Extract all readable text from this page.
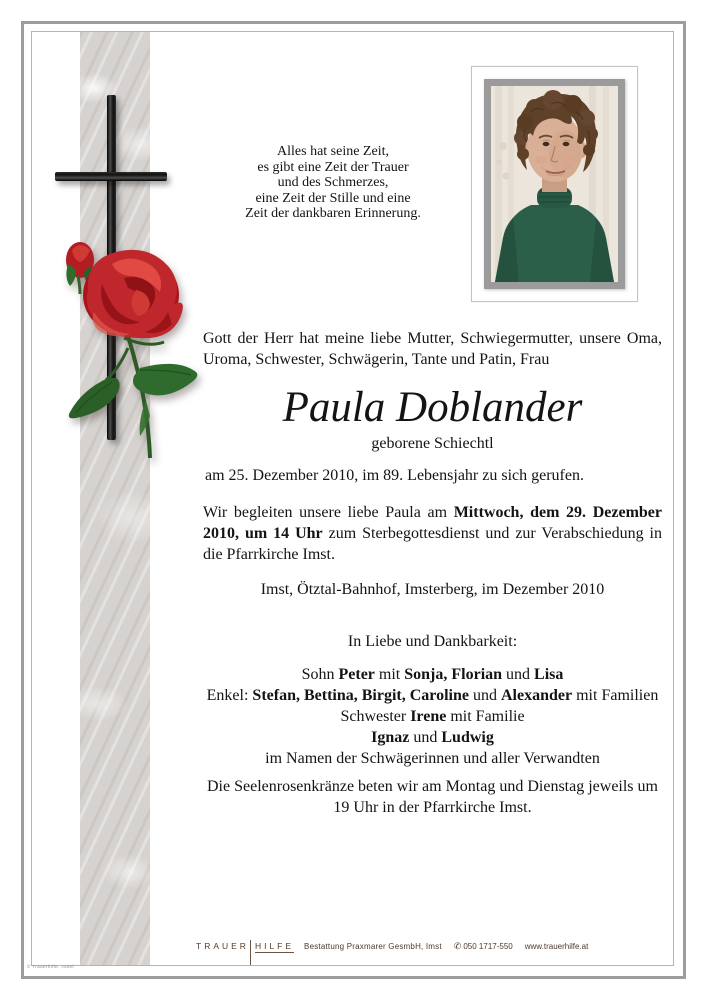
Alles hat seine Zeit,
es gibt eine Zeit der Trauer
und des Schmerzes,
eine Zeit der Stille und eine
Zeit der dankbaren Erinnerung.
Gott der Herr hat meine liebe Mutter, Schwiegermutter, unsere Oma, Uroma, Schwester, Schwägerin, Tante und Patin, Frau
Paula Doblander
geborene Schiechtl
am 25. Dezember 2010, im 89. Lebensjahr zu sich gerufen.
Wir begleiten unsere liebe Paula am Mittwoch, dem 29. Dezember 2010, um 14 Uhr zum Sterbegottesdienst und zur Verabschiedung in die Pfarrkirche Imst.
Imst, Ötztal-Bahnhof, Imsterberg, im Dezember 2010
In Liebe und Dankbarkeit:
Sohn Peter mit Sonja, Florian und Lisa
Enkel: Stefan, Bettina, Birgit, Caroline und Alexander mit Familien
Schwester Irene mit Familie
Ignaz und Ludwig
im Namen der Schwägerinnen und aller Verwandten
Die Seelenrosenkränze beten wir am Montag und Dienstag jeweils um 19 Uhr in der Pfarrkirche Imst.
TRAUER HILFE Bestattung Praxmarer GesmbH, Imst ✆ 050 1717-550 www.trauerhilfe.at
© Trauerhilfe, Josef
